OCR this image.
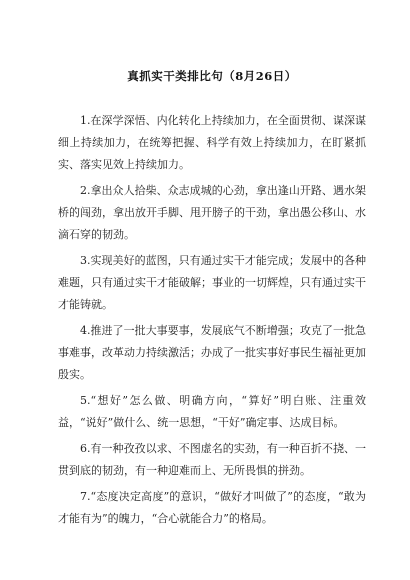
真抓实干类排比句（8月26日）

1.在深学深悟、内化转化上持续加力，在全面贯彻、谋深谋细上持续加力，在统筹把握、科学有效上持续加力，在盯紧抓实、落实见效上持续加力。

2.拿出众人拾柴、众志成城的心劲，拿出逢山开路、遇水架桥的闯劲，拿出放开手脚、甩开膀子的干劲，拿出愚公移山、水滴石穿的韧劲。

3.实现美好的蓝图，只有通过实干才能完成；发展中的各种难题，只有通过实干才能破解；事业的一切辉煌，只有通过实干才能铸就。

4.推进了一批大事要事，发展底气不断增强；攻克了一批急事难事，改革动力持续激活；办成了一批实事好事民生福祉更加殷实。

5.“想好”怎么做、明确方向，“算好”明白账、注重效益，“说好”做什么、统一思想，“干好”确定事、达成目标。

6.有一种孜孜以求、不图虚名的实劲，有一种百折不挠、一贯到底的韧劲，有一种迎难而上、无所畏惧的拼劲。

7.“态度决定高度”的意识，“做好才叫做了”的态度，“敢为才能有为”的魄力，“合心就能合力”的格局。
